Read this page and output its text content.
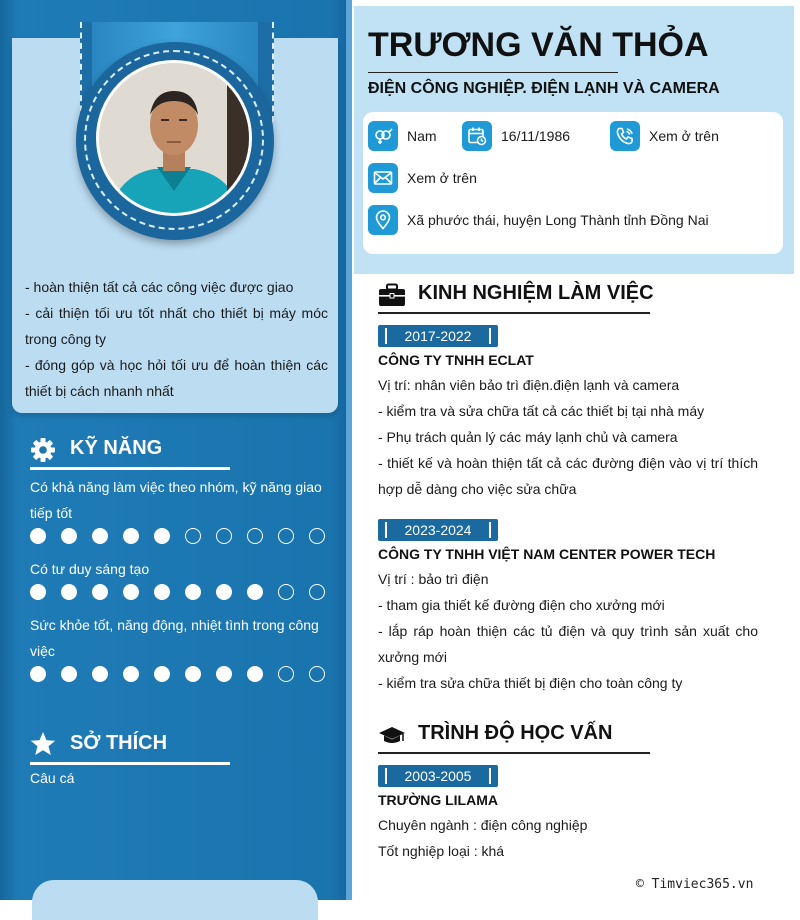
- hoàn thiện tất cả các công việc được giao
- cải thiện tối ưu tốt nhất cho thiết bị máy móc trong công ty
- đóng góp và học hỏi tối ưu để hoàn thiện các thiết bị cách nhanh nhất
KỸ NĂNG
Có khả năng làm việc theo nhóm, kỹ năng giao tiếp tốt
Có tư duy sáng tạo
Sức khỏe tốt, năng động, nhiệt tình trong công việc
SỞ THÍCH
Câu cá
TRƯƠNG VĂN THỎA
ĐIỆN CÔNG NGHIỆP. ĐIỆN LẠNH VÀ CAMERA
Nam	16/11/1986	Xem ở trên
Xem ở trên
Xã phước thái, huyện Long Thành tỉnh Đồng Nai
KINH NGHIỆM LÀM VIỆC
2017-2022
CÔNG TY TNHH ECLAT
Vị trí: nhân viên bảo trì điện.điện lạnh và camera
- kiểm tra và sửa chữa tất cả các thiết bị tại nhà máy
- Phụ trách quản lý các máy lạnh chủ và camera
- thiết kế và hoàn thiện tất cả các đường điện vào vị trí thích hợp dễ dàng cho việc sửa chữa
2023-2024
CÔNG TY TNHH VIỆT NAM CENTER POWER TECH
Vị trí : bảo trì điện
- tham gia thiết kế đường điện cho xưởng mới
- lắp ráp hoàn thiện các tủ điện và quy trình sản xuất cho xưởng mới
- kiểm tra sửa chữa thiết bị điện cho toàn công ty
TRÌNH ĐỘ HỌC VẤN
2003-2005
TRƯỜNG LILAMA
Chuyên ngành : điện công nghiệp
Tốt nghiệp loại : khá
© Timviec365.vn
